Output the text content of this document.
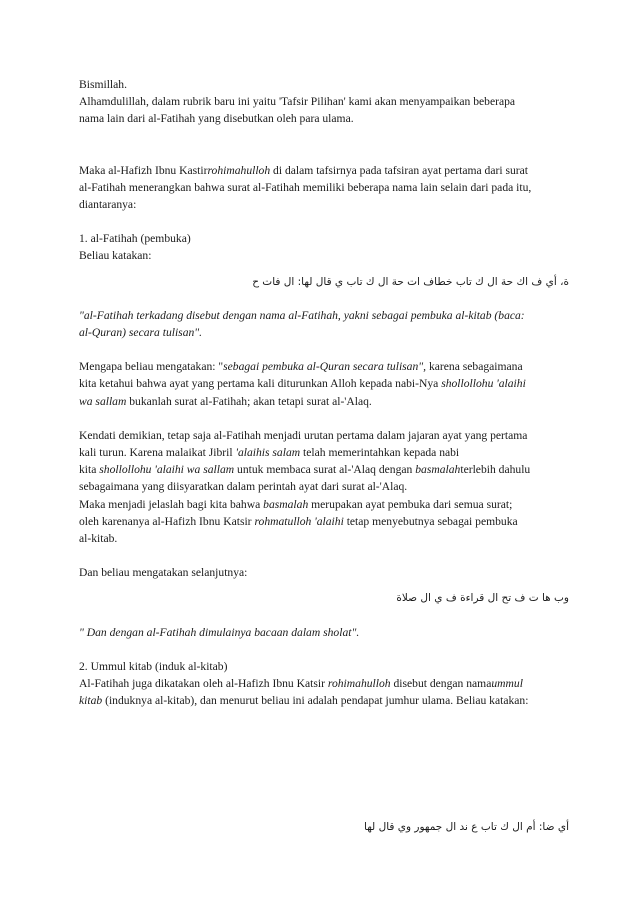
Bismillah.

Alhamdulillah, dalam rubrik baru ini yaitu 'Tafsir Pilihan' kami akan menyampaikan beberapa

nama lain dari al-Fatihah yang disebutkan oleh para ulama.

Maka al-Hafizh Ibnu Kastirrohimahulloh di dalam tafsirnya pada tafsiran ayat pertama dari surat

al-Fatihah menerangkan bahwa surat al-Fatihah memiliki beberapa nama lain selain dari pada itu,

diantaranya:

1. al-Fatihah (pembuka)

Beliau katakan:

ة، أي ف اك حة ال ك تاب خطاف ات حة ال ك تاب ي قال لها: ال فات ح

"al-Fatihah terkadang disebut dengan nama al-Fatihah, yakni sebagai pembuka al-kitab (baca:

al-Quran) secara tulisan".

Mengapa beliau mengatakan: "sebagai pembuka al-Quran secara tulisan", karena sebagaimana

kita ketahui bahwa ayat yang pertama kali diturunkan Alloh kepada nabi-Nya shollollohu 'alaihi

wa sallam bukanlah surat al-Fatihah; akan tetapi surat al-'Alaq.

Kendati demikian, tetap saja al-Fatihah menjadi urutan pertama dalam jajaran ayat yang pertama

kali turun. Karena malaikat Jibril 'alaihis salam telah memerintahkan kepada nabi

kita shollollohu 'alaihi wa sallam untuk membaca surat al-'Alaq dengan basmalahterlebih dahulu

sebagaimana yang diisyaratkan dalam perintah ayat dari surat al-'Alaq.

Maka menjadi jelaslah bagi kita bahwa basmalah merupakan ayat pembuka dari semua surat;

oleh karenanya al-Hafizh Ibnu Katsir rohmatulloh 'alaihi tetap menyebutnya sebagai pembuka

al-kitab.

Dan beliau mengatakan selanjutnya:

وب ها ت ف تح ال قراءة ف ي ال صلاة

" Dan dengan al-Fatihah dimulainya bacaan dalam sholat".

2. Ummul kitab (induk al-kitab)

Al-Fatihah juga dikatakan oleh al-Hafizh Ibnu Katsir rohimahulloh disebut dengan namaummul

kitab (induknya al-kitab), dan menurut beliau ini adalah pendapat jumhur ulama. Beliau katakan:

أي ضا: أم ال ك تاب ع ند ال جمهور وي قال لها
